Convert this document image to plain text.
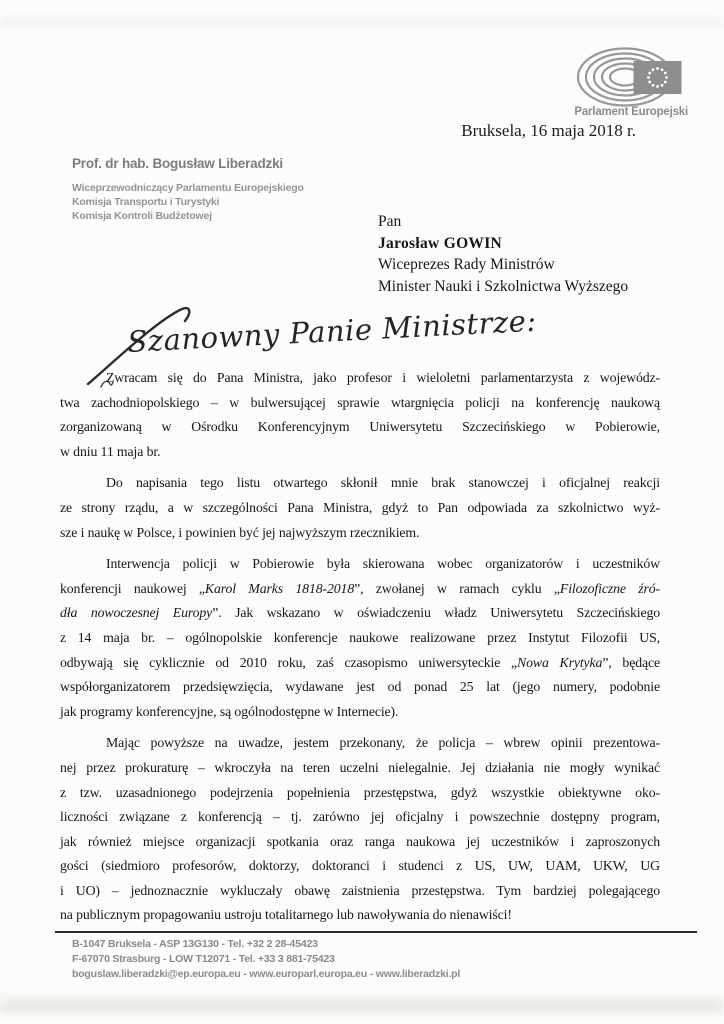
Parlament Europejski
Bruksela, 16 maja 2018 r.
Prof. dr hab. Bogusław Liberadzki
Wiceprzewodniczący Parlamentu Europejskiego
Komisja Transportu i Turystyki
Komisja Kontroli Budżetowej	Pan
Jarosław GOWIN
Wiceprezes Rady Ministrów
Minister Nauki i Szkolnictwa Wyższego
Szanowny Panie Ministrze:
Zwracam się do Pana Ministra, jako profesor i wieloletni parlamentarzysta z wojewódz-
twa zachodniopolskiego – w bulwersującej sprawie wtargnięcia policji na konferencję naukową
zorganizowaną w Ośrodku Konferencyjnym Uniwersytetu Szczecińskiego w Pobierowie,
w dniu 11 maja br.
Do napisania tego listu otwartego skłonił mnie brak stanowczej i oficjalnej reakcji
ze strony rządu, a w szczególności Pana Ministra, gdyż to Pan odpowiada za szkolnictwo wyż-
sze i naukę w Polsce, i powinien być jej najwyższym rzecznikiem.
Interwencja policji w Pobierowie była skierowana wobec organizatorów i uczestników
konferencji naukowej „Karol Marks 1818-2018”, zwołanej w ramach cyklu „Filozoficzne źró-
dła nowoczesnej Europy”. Jak wskazano w oświadczeniu władz Uniwersytetu Szczecińskiego
z 14 maja br. – ogólnopolskie konferencje naukowe realizowane przez Instytut Filozofii US,
odbywają się cyklicznie od 2010 roku, zaś czasopismo uniwersyteckie „Nowa Krytyka”, będące
współorganizatorem przedsięwzięcia, wydawane jest od ponad 25 lat (jego numery, podobnie
jak programy konferencyjne, są ogólnodostępne w Internecie).
Mając powyższe na uwadze, jestem przekonany, że policja – wbrew opinii prezentowa-
nej przez prokuraturę – wkroczyła na teren uczelni nielegalnie. Jej działania nie mogły wynikać
z tzw. uzasadnionego podejrzenia popełnienia przestępstwa, gdyż wszystkie obiektywne oko-
liczności związane z konferencją – tj. zarówno jej oficjalny i powszechnie dostępny program,
jak również miejsce organizacji spotkania oraz ranga naukowa jej uczestników i zaproszonych
gości (siedmioro profesorów, doktorzy, doktoranci i studenci z US, UW, UAM, UKW, UG
i UO) – jednoznacznie wykluczały obawę zaistnienia przestępstwa. Tym bardziej polegającego
na publicznym propagowaniu ustroju totalitarnego lub nawoływania do nienawiści!
B-1047 Bruksela - ASP 13G130 - Tel. +32 2 28-45423
F-67070 Strasburg - LOW T12071 - Tel. +33 3 881-75423
boguslaw.liberadzki@ep.europa.eu - www.europarl.europa.eu - www.liberadzki.pl
